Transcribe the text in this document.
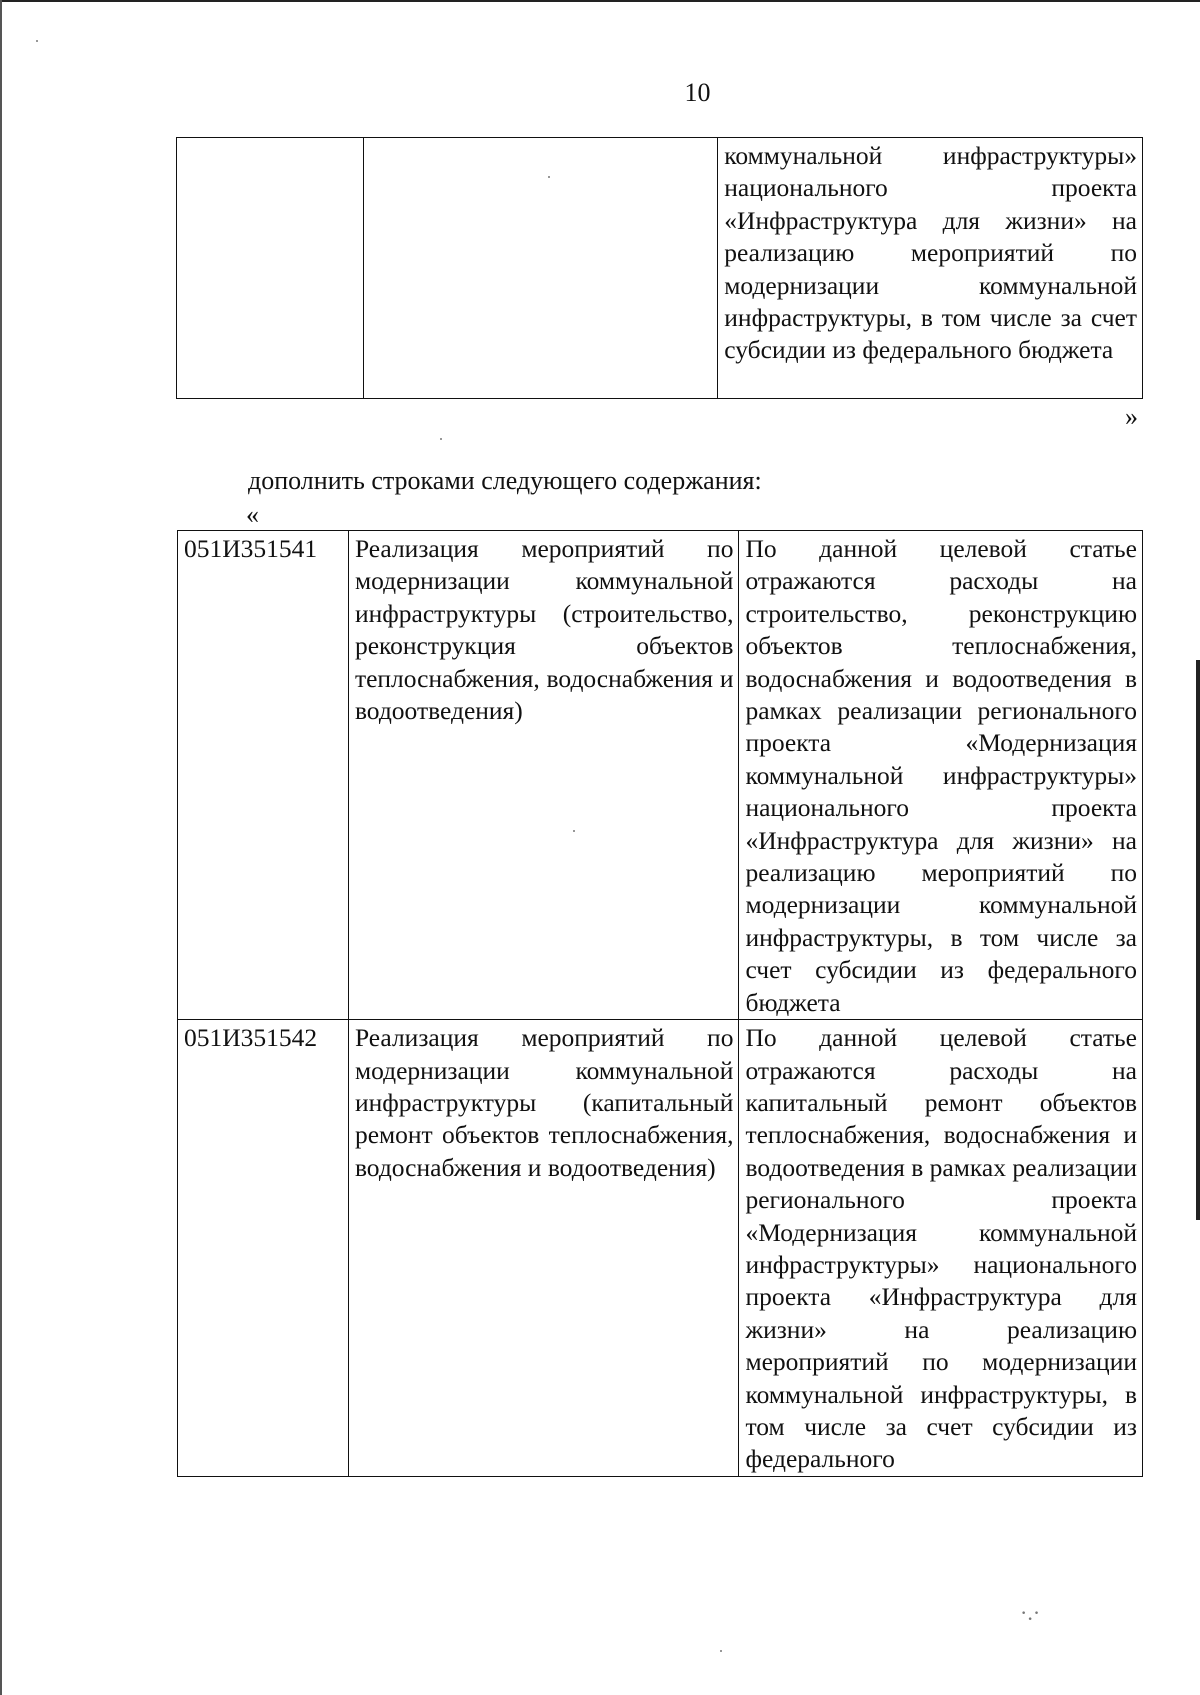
10
		коммунальной инфраструктуры» национального проекта «Инфраструктура для жизни» на реализацию мероприятий по модернизации коммунальной инфраструктуры, в том числе за счет субсидии из федерального бюджета
»
дополнить строками следующего содержания:
«
051И351541	Реализация мероприятий по модернизации коммунальной инфраструктуры (строительство, реконструкция объектов теплоснабжения, водоснабжения и водоотведения)	По данной целевой статье отражаются расходы на строительство, реконструкцию объектов теплоснабжения, водоснабжения и водоотведения в рамках реализации регионального проекта «Модернизация коммунальной инфраструктуры» национального проекта «Инфраструктура для жизни» на реализацию мероприятий по модернизации коммунальной инфраструктуры, в том числе за счет субсидии из федерального бюджета
051И351542	Реализация мероприятий по модернизации коммунальной инфраструктуры (капитальный ремонт объектов теплоснабжения, водоснабжения и водоотведения)	По данной целевой статье отражаются расходы на капитальный ремонт объектов теплоснабжения, водоснабжения и водоотведения в рамках реализации регионального проекта «Модернизация коммунальной инфраструктуры» национального проекта «Инфраструктура для жизни» на реализацию мероприятий по модернизации коммунальной инфраструктуры, в том числе за счет субсидии из федерального
·.·
